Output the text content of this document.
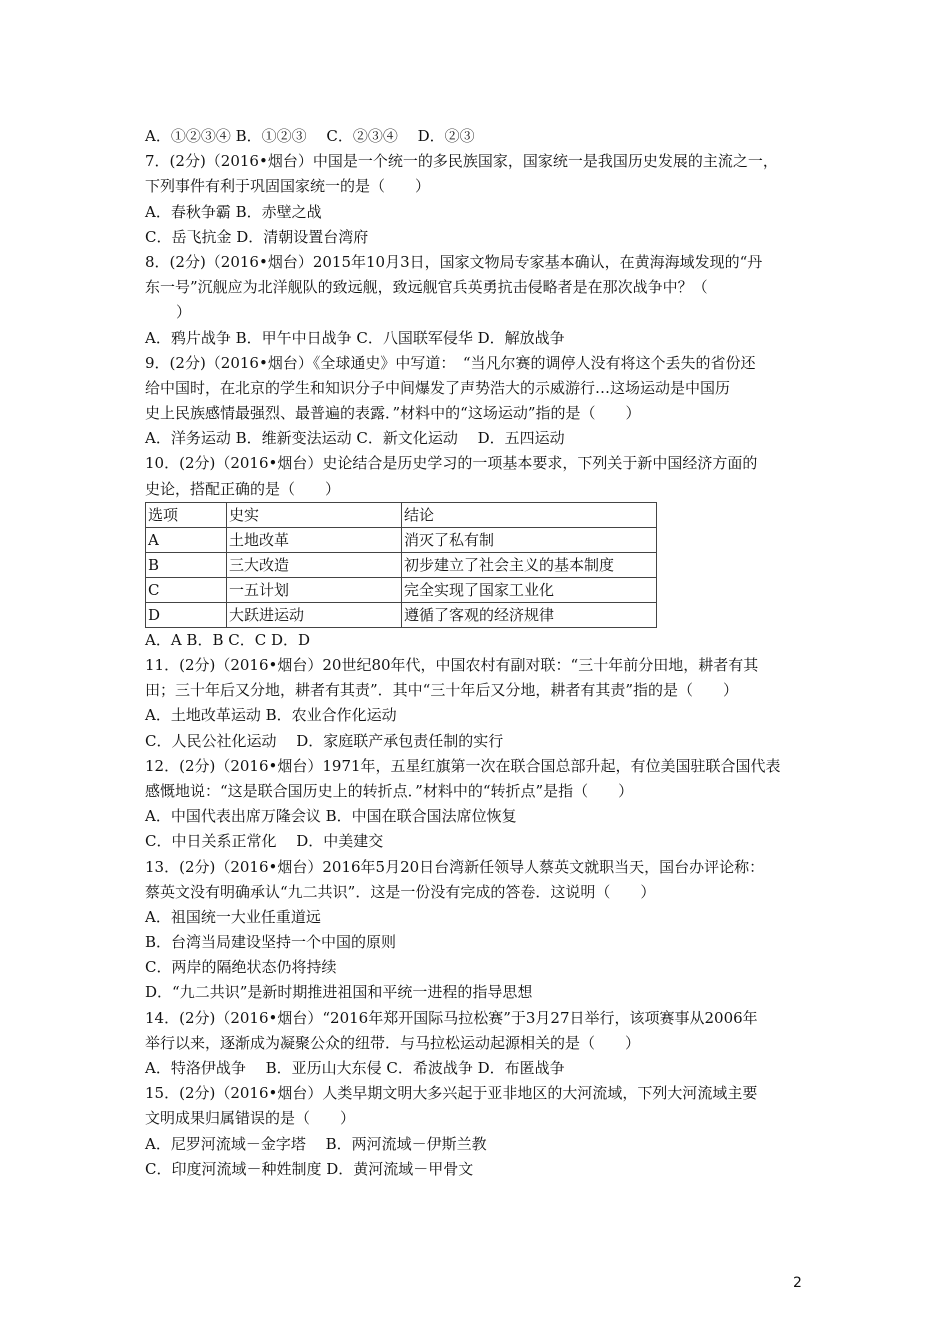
A．①②③④ B．①②③　 C．②③④　 D．②③
7．(2分)（2016•烟台）中国是一个统一的多民族国家，国家统一是我国历史发展的主流之一，
下列事件有利于巩固国家统一的是（　　）
A．春秋争霸 B．赤壁之战
C．岳飞抗金 D．清朝设置台湾府
8．(2分)（2016•烟台）2015年10月3日，国家文物局专家基本确认，在黄海海域发现的“丹
东一号”沉舰应为北洋舰队的致远舰，致远舰官兵英勇抗击侵略者是在那次战争中？（
　）
A．鸦片战争 B．甲午中日战争 C．八国联军侵华 D．解放战争
9．(2分)（2016•烟台）《全球通史》中写道：　“当凡尔赛的调停人没有将这个丢失的省份还
给中国时，在北京的学生和知识分子中间爆发了声势浩大的示威游行…这场运动是中国历
史上民族感情最强烈、最普遍的表露．”材料中的“这场运动”指的是（　　）
A．洋务运动 B．维新变法运动 C．新文化运动　 D．五四运动
10．(2分)（2016•烟台）史论结合是历史学习的一项基本要求，下列关于新中国经济方面的
史论，搭配正确的是（　　）
选项	史实	结论
A	土地改革	消灭了私有制
B	三大改造	初步建立了社会主义的基本制度
C	一五计划	完全实现了国家工业化
D	大跃进运动	遵循了客观的经济规律
A．A B．B C．C D．D
11．(2分)（2016•烟台）20世纪80年代，中国农村有副对联：“三十年前分田地，耕者有其
田；三十年后又分地，耕者有其责”．其中“三十年后又分地，耕者有其责”指的是（　　）
A．土地改革运动 B．农业合作化运动
C．人民公社化运动　 D．家庭联产承包责任制的实行
12．(2分)（2016•烟台）1971年，五星红旗第一次在联合国总部升起，有位美国驻联合国代表
感慨地说：“这是联合国历史上的转折点．”材料中的“转折点”是指（　　）
A．中国代表出席万隆会议 B．中国在联合国法席位恢复
C．中日关系正常化　 D．中美建交
13．(2分)（2016•烟台）2016年5月20日台湾新任领导人蔡英文就职当天，国台办评论称：
蔡英文没有明确承认“九二共识”．这是一份没有完成的答卷．这说明（　　）
A．祖国统一大业任重道远
B．台湾当局建设坚持一个中国的原则
C．两岸的隔绝状态仍将持续
D．“九二共识”是新时期推进祖国和平统一进程的指导思想
14．(2分)（2016•烟台）“2016年郑开国际马拉松赛”于3月27日举行，该项赛事从2006年
举行以来，逐渐成为凝聚公众的纽带．与马拉松运动起源相关的是（　　）
A．特洛伊战争　 B．亚历山大东侵 C．希波战争 D．布匿战争
15．(2分)（2016•烟台）人类早期文明大多兴起于亚非地区的大河流域，下列大河流域主要
文明成果归属错误的是（　　）
A．尼罗河流域－金字塔　 B．两河流域－伊斯兰教
C．印度河流域－种姓制度 D．黄河流域－甲骨文
2
